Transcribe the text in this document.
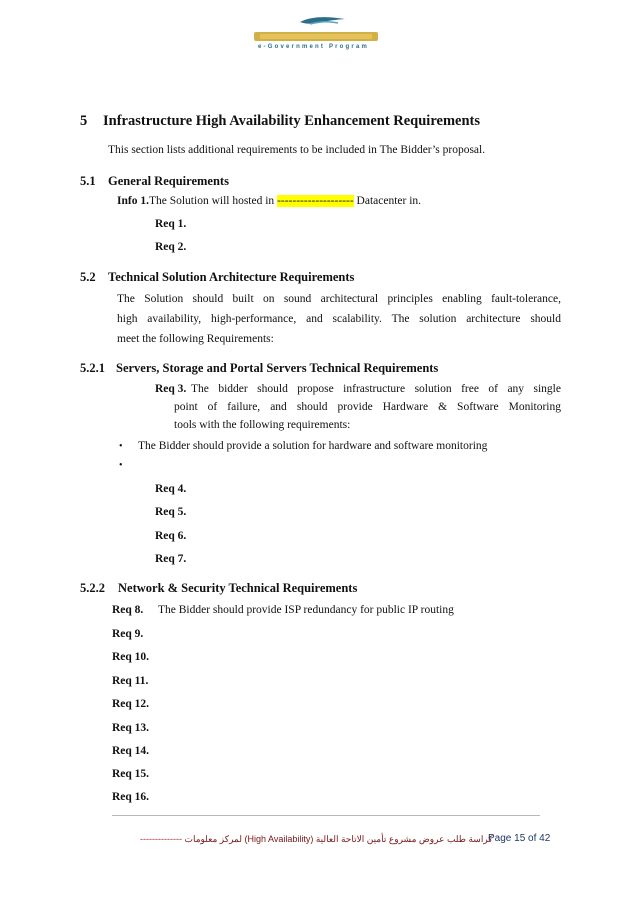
e-Government Program
5 Infrastructure High Availability Enhancement Requirements
This section lists additional requirements to be included in The Bidder’s proposal.
5.1 General Requirements
Info 1.The Solution will hosted in -------------------- Datacenter in.
Req 1.
Req 2.
5.2 Technical Solution Architecture Requirements
The Solution should built on sound architectural principles enabling fault-tolerance,
high availability, high-performance, and scalability. The solution architecture should
meet the following Requirements:
5.2.1 Servers, Storage and Portal Servers Technical Requirements
Req 3. The bidder should propose infrastructure solution free of any single
point of failure, and should provide Hardware & Software Monitoring
tools with the following requirements:
• The Bidder should provide a solution for hardware and software monitoring
•
Req 4.
Req 5.
Req 6.
Req 7.
5.2.2 Network & Security Technical Requirements
Req 8. The Bidder should provide ISP redundancy for public IP routing
Req 9.
Req 10.
Req 11.
Req 12.
Req 13.
Req 14.
Req 15.
Req 16.
-------------- كراسة طلب عروض مشروع تأمين الاتاحة العالية (High Availability) لمركز معلومات
Page 15 of 42
